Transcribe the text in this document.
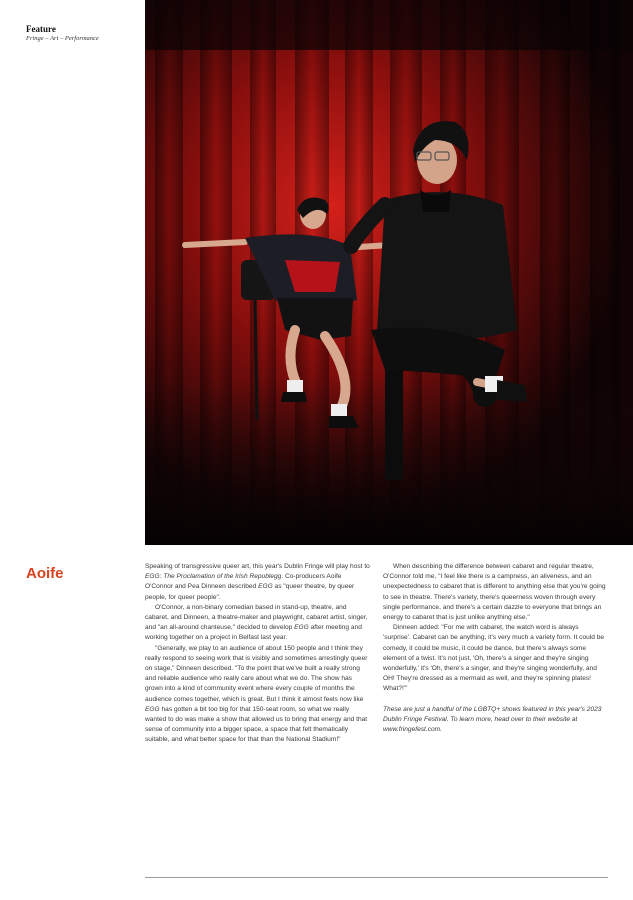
Feature
Fringe – Art – Performance
Aoife	Speaking of transgressive queer art, this year's Dublin Fringe will play host to EGG: The Proclamation of the Irish Republegg. Co-producers Aoife O'Connor and Pea Dinneen described EGG as "queer theatre, by queer people, for queer people".

O'Connor, a non-binary comedian based in stand-up, theatre, and cabaret, and Dinneen, a theatre-maker and playwright, cabaret artist, singer, and "an all-around chanteuse," decided to develop EGG after meeting and working together on a project in Belfast last year.

"Generally, we play to an audience of about 150 people and I think they really respond to seeing work that is visibly and sometimes arrestingly queer on stage," Dinneen described. "To the point that we've built a really strong and reliable audience who really care about what we do. The show has grown into a kind of community event where every couple of months the audience comes together, which is great. But I think it almost feels now like EGG has gotten a bit too big for that 150-seat room, so what we really wanted to do was make a show that allowed us to bring that energy and that sense of community into a bigger space, a space that felt thematically suitable, and what better space for that than the National Stadium!"

When describing the difference between cabaret and regular theatre, O'Connor told me, "I feel like there is a campness, an aliveness, and an unexpectedness to cabaret that is different to anything else that you're going to see in theatre. There's variety, there's queerness woven through every single performance, and there's a certain dazzle to everyone that brings an energy to cabaret that is just unlike anything else."

Dinneen added: "For me with cabaret, the watch word is always 'surprise'. Cabaret can be anything, it's very much a variety form. It could be comedy, it could be music, it could be dance, but there's always some element of a twist. It's not just, 'Oh, there's a singer and they're singing wonderfully,' it's 'Oh, there's a singer, and they're singing wonderfully, and OH! They're dressed as a mermaid as well, and they're spinning plates! What?!'"

These are just a handful of the LGBTQ+ shows featured in this year's 2023 Dublin Fringe Festival. To learn more, head over to their website at www.fringefest.com.
